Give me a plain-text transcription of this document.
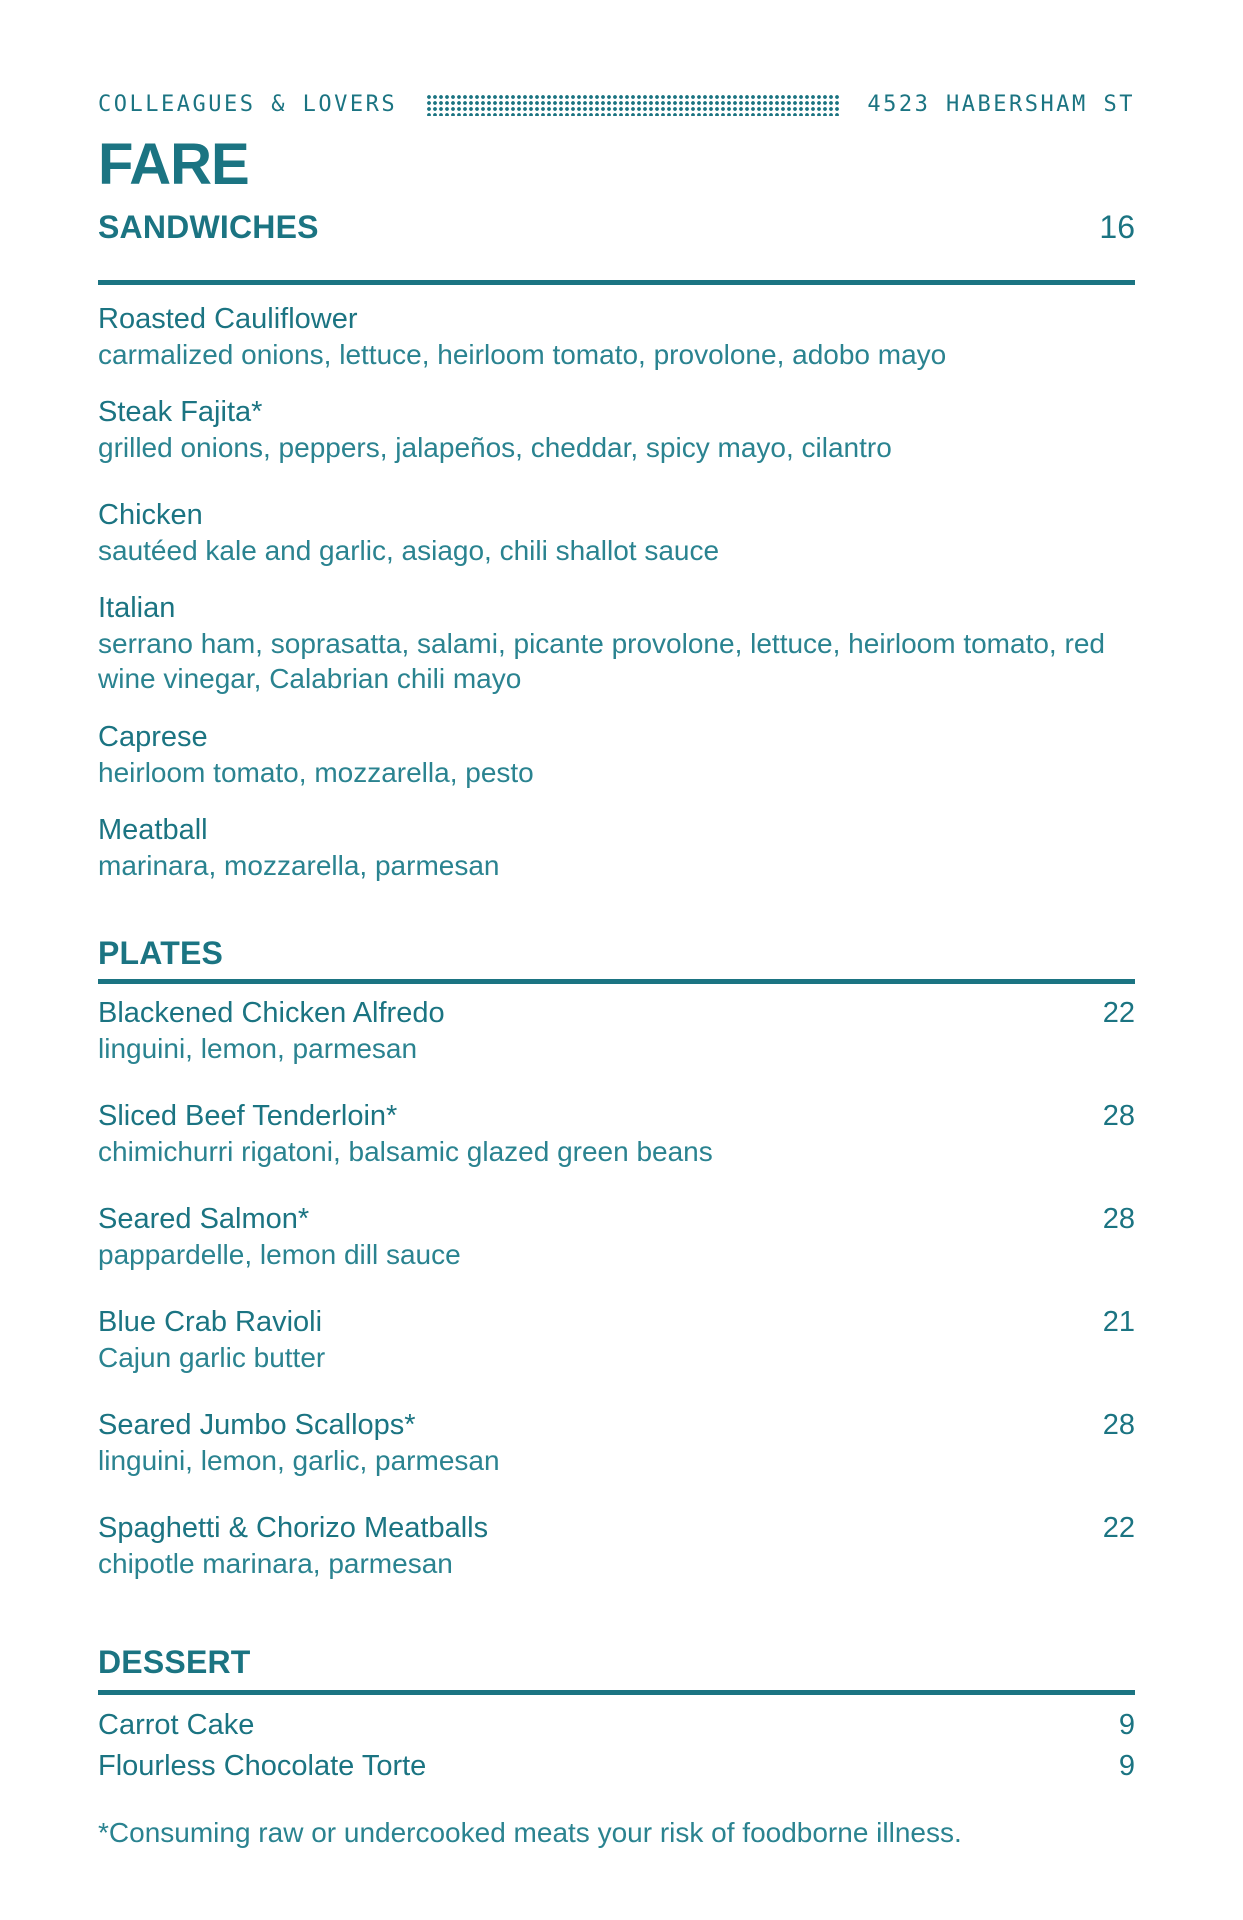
COLLEAGUES & LOVERS	4523 HABERSHAM ST
FARE
SANDWICHES	16
Roasted Cauliflower
carmalized onions, lettuce, heirloom tomato, provolone, adobo mayo
Steak Fajita*
grilled onions, peppers, jalapeños, cheddar, spicy mayo, cilantro
Chicken
sautéed kale and garlic, asiago, chili shallot sauce
Italian
serrano ham, soprasatta, salami, picante provolone, lettuce, heirloom tomato, red wine vinegar, Calabrian chili mayo
Caprese
heirloom tomato, mozzarella, pesto
Meatball
marinara, mozzarella, parmesan
PLATES
Blackened Chicken Alfredo
linguini, lemon, parmesan
22
Sliced Beef Tenderloin*
chimichurri rigatoni, balsamic glazed green beans
28
Seared Salmon*
pappardelle, lemon dill sauce
28
Blue Crab Ravioli
Cajun garlic butter
21
Seared Jumbo Scallops*
linguini, lemon, garlic, parmesan
28
Spaghetti & Chorizo Meatballs
chipotle marinara, parmesan
22
DESSERT
Carrot Cake	9
Flourless Chocolate Torte	9
*Consuming raw or undercooked meats your risk of foodborne illness.
